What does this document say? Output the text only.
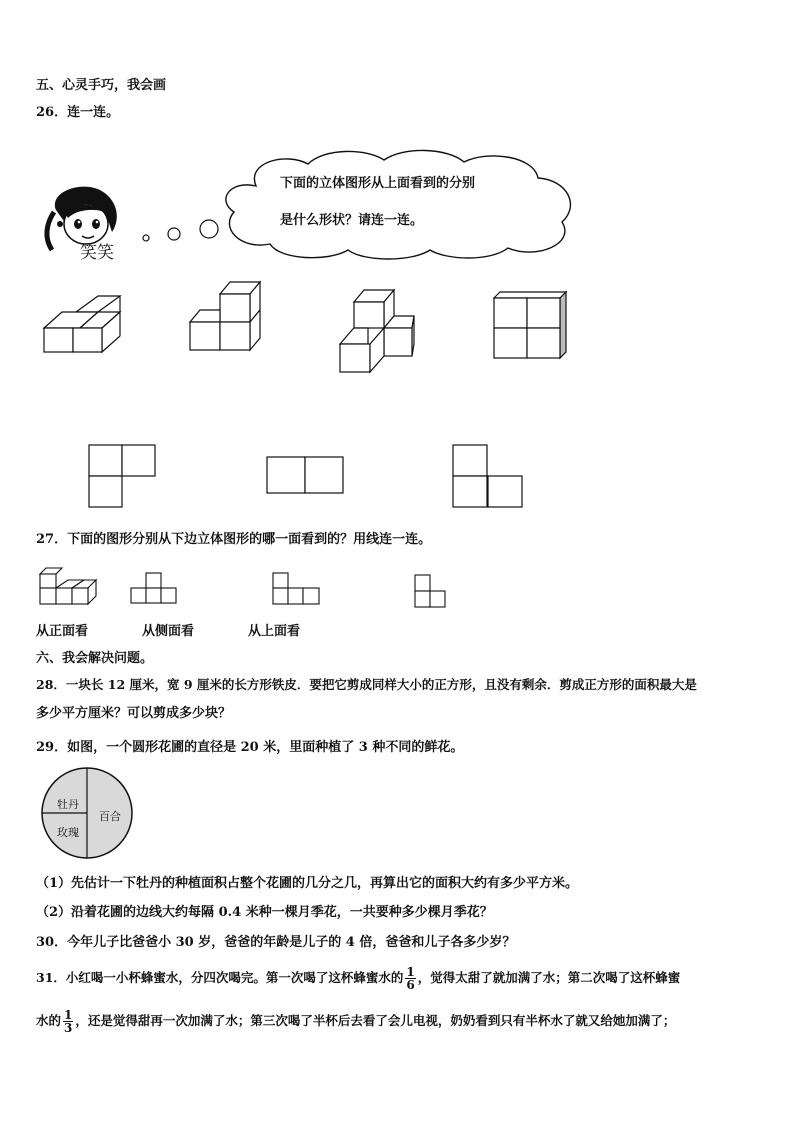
五、心灵手巧，我会画
26．连一连。
笑笑
下面的立体图形从上面看到的分别
是什么形状？请连一连。
27．下面的图形分别从下边立体图形的哪一面看到的？用线连一连。
从正面看	从侧面看	从上面看
六、我会解决问题。
28．一块长 12 厘米，宽 9 厘米的长方形铁皮．要把它剪成同样大小的正方形，且没有剩余．剪成正方形的面积最大是
多少平方厘米？可以剪成多少块？
29．如图，一个圆形花圃的直径是 20 米，里面种植了 3 种不同的鲜花。
牡丹
百合
玫瑰
（1）先估计一下牡丹的种植面积占整个花圃的几分之几，再算出它的面积大约有多少平方米。
（2）沿着花圃的边线大约每隔 0.4 米种一棵月季花，一共要种多少棵月季花？
30．今年儿子比爸爸小 30 岁，爸爸的年龄是儿子的 4 倍，爸爸和儿子各多少岁？
31．小红喝一小杯蜂蜜水，分四次喝完。第一次喝了这杯蜂蜜水的 $\frac{1}{6}$ ，觉得太甜了就加满了水；第二次喝了这杯蜂蜜
水的 $\frac{1}{3}$ ，还是觉得甜再一次加满了水；第三次喝了半杯后去看了会儿电视，奶奶看到只有半杯水了就又给她加满了；
